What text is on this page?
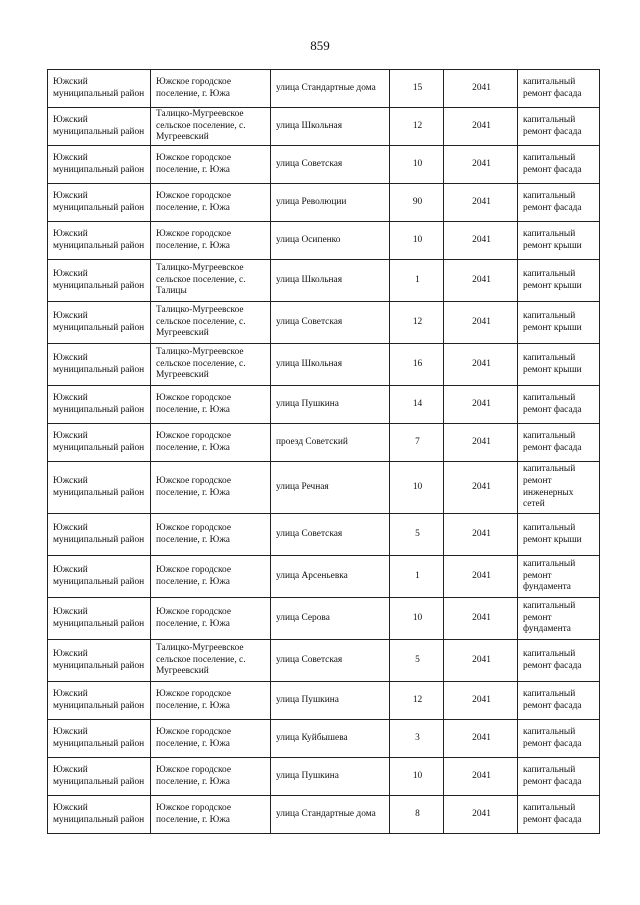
859
Южский муниципальный район	Южское городское поселение, г. Южа	улица Стандартные дома	15	2041	капитальный ремонт фасада
Южский муниципальный район	Талицко-Мугреевское сельское поселение, с. Мугреевский	улица Школьная	12	2041	капитальный ремонт фасада
Южский муниципальный район	Южское городское поселение, г. Южа	улица Советская	10	2041	капитальный ремонт фасада
Южский муниципальный район	Южское городское поселение, г. Южа	улица Революции	90	2041	капитальный ремонт фасада
Южский муниципальный район	Южское городское поселение, г. Южа	улица Осипенко	10	2041	капитальный ремонт крыши
Южский муниципальный район	Талицко-Мугреевское сельское поселение, с. Талицы	улица Школьная	1	2041	капитальный ремонт крыши
Южский муниципальный район	Талицко-Мугреевское сельское поселение, с. Мугреевский	улица Советская	12	2041	капитальный ремонт крыши
Южский муниципальный район	Талицко-Мугреевское сельское поселение, с. Мугреевский	улица Школьная	16	2041	капитальный ремонт крыши
Южский муниципальный район	Южское городское поселение, г. Южа	улица Пушкина	14	2041	капитальный ремонт фасада
Южский муниципальный район	Южское городское поселение, г. Южа	проезд Советский	7	2041	капитальный ремонт фасада
Южский муниципальный район	Южское городское поселение, г. Южа	улица Речная	10	2041	капитальный ремонт инженерных сетей
Южский муниципальный район	Южское городское поселение, г. Южа	улица Советская	5	2041	капитальный ремонт крыши
Южский муниципальный район	Южское городское поселение, г. Южа	улица Арсеньевка	1	2041	капитальный ремонт фундамента
Южский муниципальный район	Южское городское поселение, г. Южа	улица Серова	10	2041	капитальный ремонт фундамента
Южский муниципальный район	Талицко-Мугреевское сельское поселение, с. Мугреевский	улица Советская	5	2041	капитальный ремонт фасада
Южский муниципальный район	Южское городское поселение, г. Южа	улица Пушкина	12	2041	капитальный ремонт фасада
Южский муниципальный район	Южское городское поселение, г. Южа	улица Куйбышева	3	2041	капитальный ремонт фасада
Южский муниципальный район	Южское городское поселение, г. Южа	улица Пушкина	10	2041	капитальный ремонт фасада
Южский муниципальный район	Южское городское поселение, г. Южа	улица Стандартные дома	8	2041	капитальный ремонт фасада
